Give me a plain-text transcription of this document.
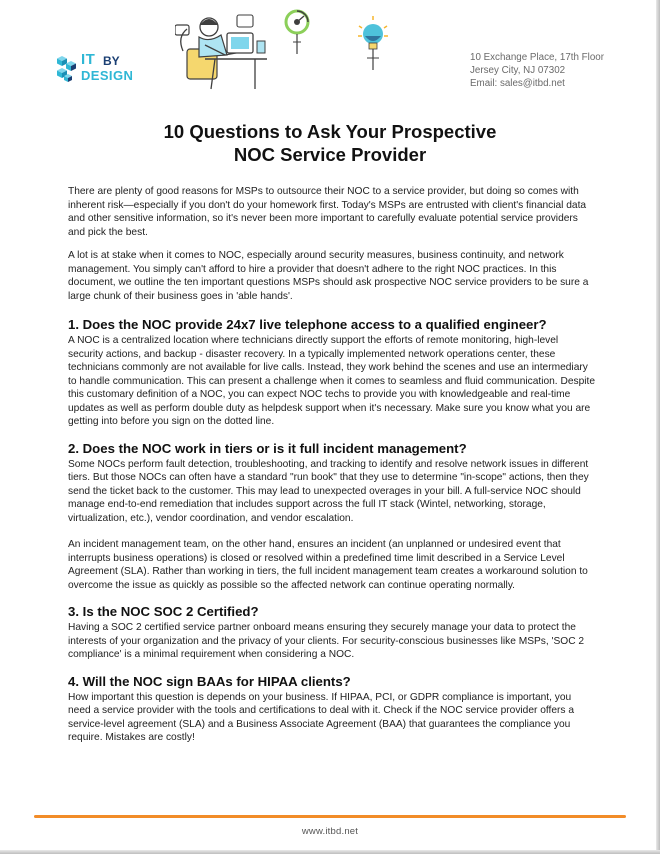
IT BY
DESIGN
10 Exchange Place, 17th Floor
Jersey City, NJ 07302
Email: sales@itbd.net
10 Questions to Ask Your Prospective
NOC Service Provider

There are plenty of good reasons for MSPs to outsource their NOC to a service provider, but doing so comes with inherent risk—especially if you don't do your homework first. Today's MSPs are entrusted with client's financial data and other sensitive information, so it's never been more important to carefully evaluate potential service providers and pick the best.

A lot is at stake when it comes to NOC, especially around security measures, business continuity, and network management. You simply can't afford to hire a provider that doesn't adhere to the right NOC practices. In this document, we outline the ten important questions MSPs should ask prospective NOC service providers to be sure a large chunk of their business goes in 'able hands'.

1. Does the NOC provide 24x7 live telephone access to a qualified engineer?

A NOC is a centralized location where technicians directly support the efforts of remote monitoring, high-level security actions, and backup - disaster recovery. In a typically implemented network operations center, these technicians commonly are not available for live calls. Instead, they work behind the scenes and use an intermediary to handle communication. This can present a challenge when it comes to seamless and fluid communication. Despite this customary definition of a NOC, you can expect NOC techs to provide you with knowledgeable and real-time updates as well as perform double duty as helpdesk support when it's necessary. Make sure you know what you are getting into before you sign on the dotted line.

2. Does the NOC work in tiers or is it full incident management?

Some NOCs perform fault detection, troubleshooting, and tracking to identify and resolve network issues in different tiers. But those NOCs can often have a standard "run book" that they use to determine "in-scope" actions, then they send the ticket back to the customer. This may lead to unexpected overages in your bill. A full-service NOC should manage end-to-end remediation that includes support across the full IT stack (Wintel, networking, storage, virtualization, etc.), vendor coordination, and vendor escalation.

An incident management team, on the other hand, ensures an incident (an unplanned or undesired event that interrupts business operations) is closed or resolved within a predefined time limit described in a Service Level Agreement (SLA). Rather than working in tiers, the full incident management team creates a workaround solution to overcome the issue as quickly as possible so the affected network can continue operating normally.

3. Is the NOC SOC 2 Certified?

Having a SOC 2 certified service partner onboard means ensuring they securely manage your data to protect the interests of your organization and the privacy of your clients. For security-conscious businesses like MSPs, 'SOC 2 compliance' is a minimal requirement when considering a NOC.

4. Will the NOC sign BAAs for HIPAA clients?

How important this question is depends on your business. If HIPAA, PCI, or GDPR compliance is important, you need a service provider with the tools and certifications to deal with it. Check if the NOC service provider offers a service-level agreement (SLA) and a Business Associate Agreement (BAA) that guarantees the compliance you require. Mistakes are costly!

www.itbd.net
